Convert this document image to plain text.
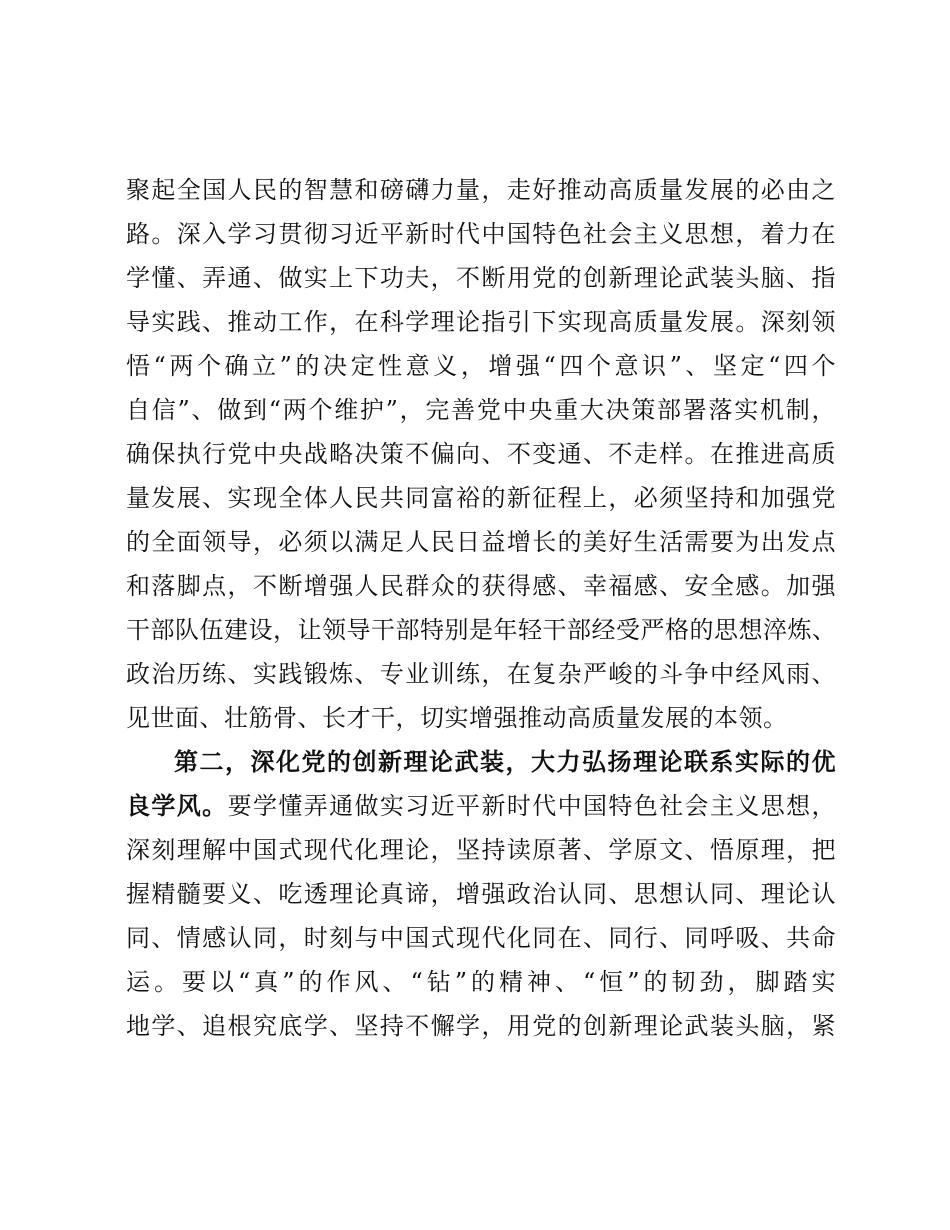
聚起全国人民的智慧和磅礴力量，走好推动高质量发展的必由之
路。深入学习贯彻习近平新时代中国特色社会主义思想，着力在
学懂、弄通、做实上下功夫，不断用党的创新理论武装头脑、指
导实践、推动工作，在科学理论指引下实现高质量发展。深刻领
悟“两个确立”的决定性意义，增强“四个意识”、坚定“四个
自信”、做到“两个维护”，完善党中央重大决策部署落实机制，
确保执行党中央战略决策不偏向、不变通、不走样。在推进高质
量发展、实现全体人民共同富裕的新征程上，必须坚持和加强党
的全面领导，必须以满足人民日益增长的美好生活需要为出发点
和落脚点，不断增强人民群众的获得感、幸福感、安全感。加强
干部队伍建设，让领导干部特别是年轻干部经受严格的思想淬炼、
政治历练、实践锻炼、专业训练，在复杂严峻的斗争中经风雨、
见世面、壮筋骨、长才干，切实增强推动高质量发展的本领。
第二，深化党的创新理论武装，大力弘扬理论联系实际的优
良学风。要学懂弄通做实习近平新时代中国特色社会主义思想，
深刻理解中国式现代化理论，坚持读原著、学原文、悟原理，把
握精髓要义、吃透理论真谛，增强政治认同、思想认同、理论认
同、情感认同，时刻与中国式现代化同在、同行、同呼吸、共命
运。要以“真”的作风、“钻”的精神、“恒”的韧劲，脚踏实
地学、追根究底学、坚持不懈学，用党的创新理论武装头脑，紧
